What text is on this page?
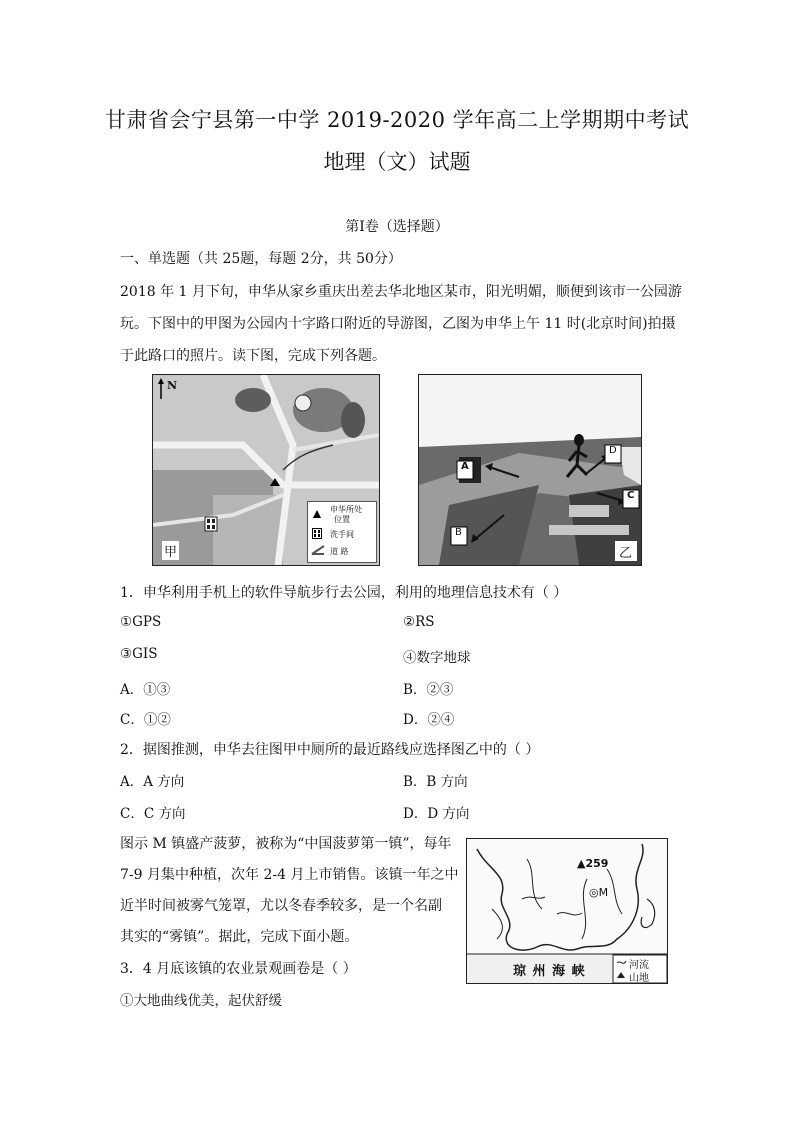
甘肃省会宁县第一中学 2019-2020 学年高二上学期期中考试
地理（文）试题
第Ⅰ卷（选择题）
一、单选题（共 25题，每题 2分，共 50分）
2018 年 1 月下旬，申华从家乡重庆出差去华北地区某市，阳光明媚，顺便到该市一公园游
玩。下图中的甲图为公园内十字路口附近的导游图，乙图为申华上午 11 时(北京时间)拍摄
于此路口的照片。读下图，完成下列各题。
N
甲
申华所处
位置
洗手间
道 路
A
B
C
D
乙
1．申华利用手机上的软件导航步行去公园，利用的地理信息技术有（ ）
①GPS	②RS
③GIS	④数字地球
A．①③	B．②③
C．①②	D．②④
2．据图推测，申华去往图甲中厕所的最近路线应选择图乙中的（ ）
A．A 方向	B．B 方向
C．C 方向	D．D 方向
图示 M 镇盛产菠萝，被称为“中国菠萝第一镇”，每年
7-9 月集中种植，次年 2-4 月上市销售。该镇一年之中
近半时间被雾气笼罩，尤以冬春季较多，是一个名副
其实的“雾镇”。据此，完成下面小题。
▲259
◎M
琼 州 海 峡	河流
山地
3．4 月底该镇的农业景观画卷是（ ）
①大地曲线优美，起伏舒缓
